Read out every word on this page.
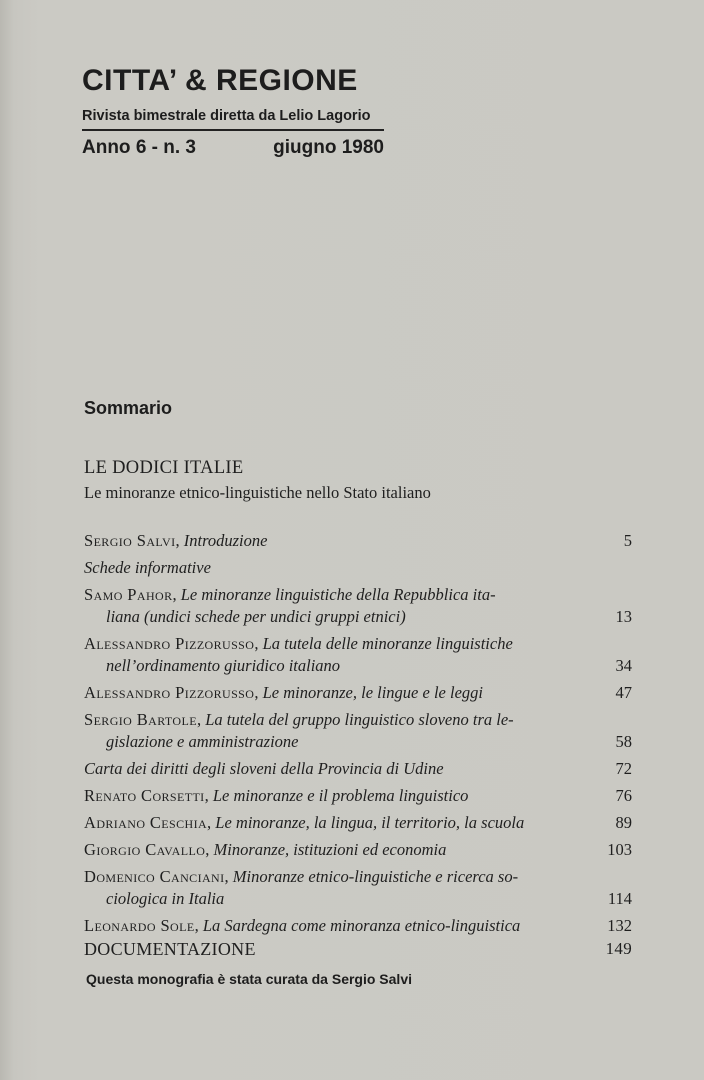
CITTA’ & REGIONE
Rivista bimestrale diretta da Lelio Lagorio
Anno 6 - n. 3	giugno 1980
Sommario
LE DODICI ITALIE
Le minoranze etnico-linguistiche nello Stato italiano
Sergio Salvi, Introduzione	5
Schede informative
Samo Pahor, Le minoranze linguistiche della Repubblica ita-
liana (undici schede per undici gruppi etnici)	13
Alessandro Pizzorusso, La tutela delle minoranze linguistiche
nell’ordinamento giuridico italiano	34
Alessandro Pizzorusso, Le minoranze, le lingue e le leggi	47
Sergio Bartole, La tutela del gruppo linguistico sloveno tra le-
gislazione e amministrazione	58
Carta dei diritti degli sloveni della Provincia di Udine	72
Renato Corsetti, Le minoranze e il problema linguistico	76
Adriano Ceschia, Le minoranze, la lingua, il territorio, la scuola	89
Giorgio Cavallo, Minoranze, istituzioni ed economia	103
Domenico Canciani, Minoranze etnico-linguistiche e ricerca so-
ciologica in Italia	114
Leonardo Sole, La Sardegna come minoranza etnico-linguistica	132
DOCUMENTAZIONE	149
Questa monografia è stata curata da Sergio Salvi
